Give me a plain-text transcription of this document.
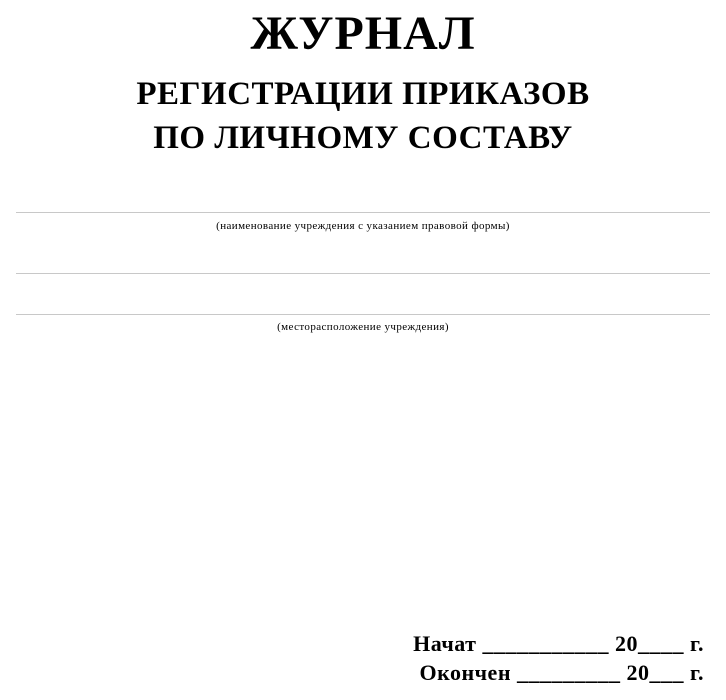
ЖУРНАЛ
РЕГИСТРАЦИИ ПРИКАЗОВ
ПО ЛИЧНОМУ СОСТАВУ
(наименование учреждения с указанием правовой формы)
(месторасположение учреждения)
Начат ___________ 20____ г.
Окончен _________ 20___ г.
